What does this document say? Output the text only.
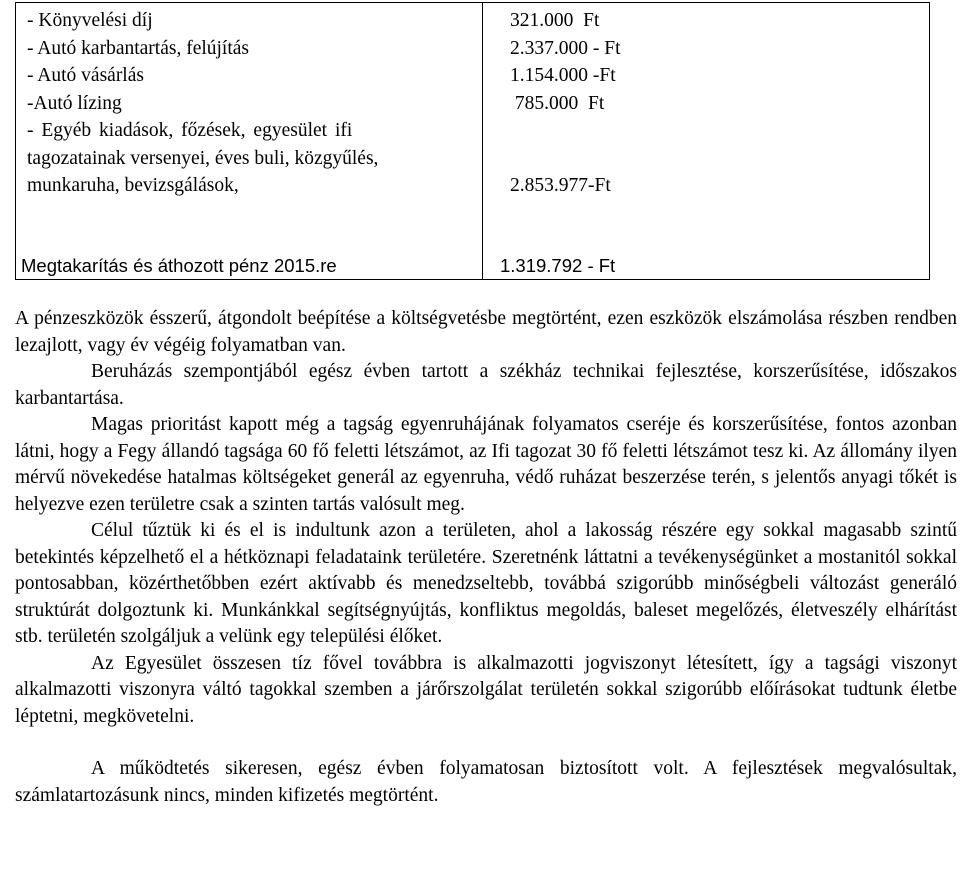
- Könyvelési díj
- Autó karbantartás, felújítás
- Autó vásárlás
-Autó lízing
- Egyéb kiadások, főzések, egyesület ifi
tagozatainak versenyei, éves buli, közgyűlés,
munkaruha, bevizsgálások,
321.000  Ft
2.337.000 - Ft
1.154.000 -Ft
785.000  Ft

2.853.977-Ft
Megtakarítás és áthozott pénz 2015.re	1.319.792 - Ft

A pénzeszközök ésszerű, átgondolt beépítése a költségvetésbe megtörtént, ezen eszközök elszámolása részben rendben lezajlott, vagy év végéig folyamatban van.

Beruházás szempontjából egész évben tartott a székház technikai fejlesztése, korszerűsítése, időszakos karbantartása.

Magas prioritást kapott még a tagság egyenruhájának folyamatos cseréje és korszerűsítése, fontos azonban látni, hogy a Fegy állandó tagsága 60 fő feletti létszámot, az Ifi tagozat 30 fő feletti létszámot tesz ki. Az állomány ilyen mérvű növekedése hatalmas költségeket generál az egyenruha, védő ruházat beszerzése terén, s jelentős anyagi tőkét is helyezve ezen területre csak a szinten tartás valósult meg.

Célul tűztük ki és el is indultunk azon a területen, ahol a lakosság részére egy sokkal magasabb szintű betekintés képzelhető el a hétköznapi feladataink területére. Szeretnénk láttatni a tevékenységünket a mostanitól sokkal pontosabban, közérthetőbben ezért aktívabb és menedzseltebb, továbbá szigorúbb minőségbeli változást generáló struktúrát dolgoztunk ki. Munkánkkal segítségnyújtás, konfliktus megoldás, baleset megelőzés, életveszély elhárítást stb. területén szolgáljuk a velünk egy települési élőket.

Az Egyesület összesen tíz fővel továbbra is alkalmazotti jogviszonyt létesített, így a tagsági viszonyt alkalmazotti viszonyra váltó tagokkal szemben a járőrszolgálat területén sokkal szigorúbb előírásokat tudtunk életbe léptetni, megkövetelni.

A működtetés sikeresen, egész évben folyamatosan biztosított volt. A fejlesztések megvalósultak, számlatartozásunk nincs, minden kifizetés megtörtént.
